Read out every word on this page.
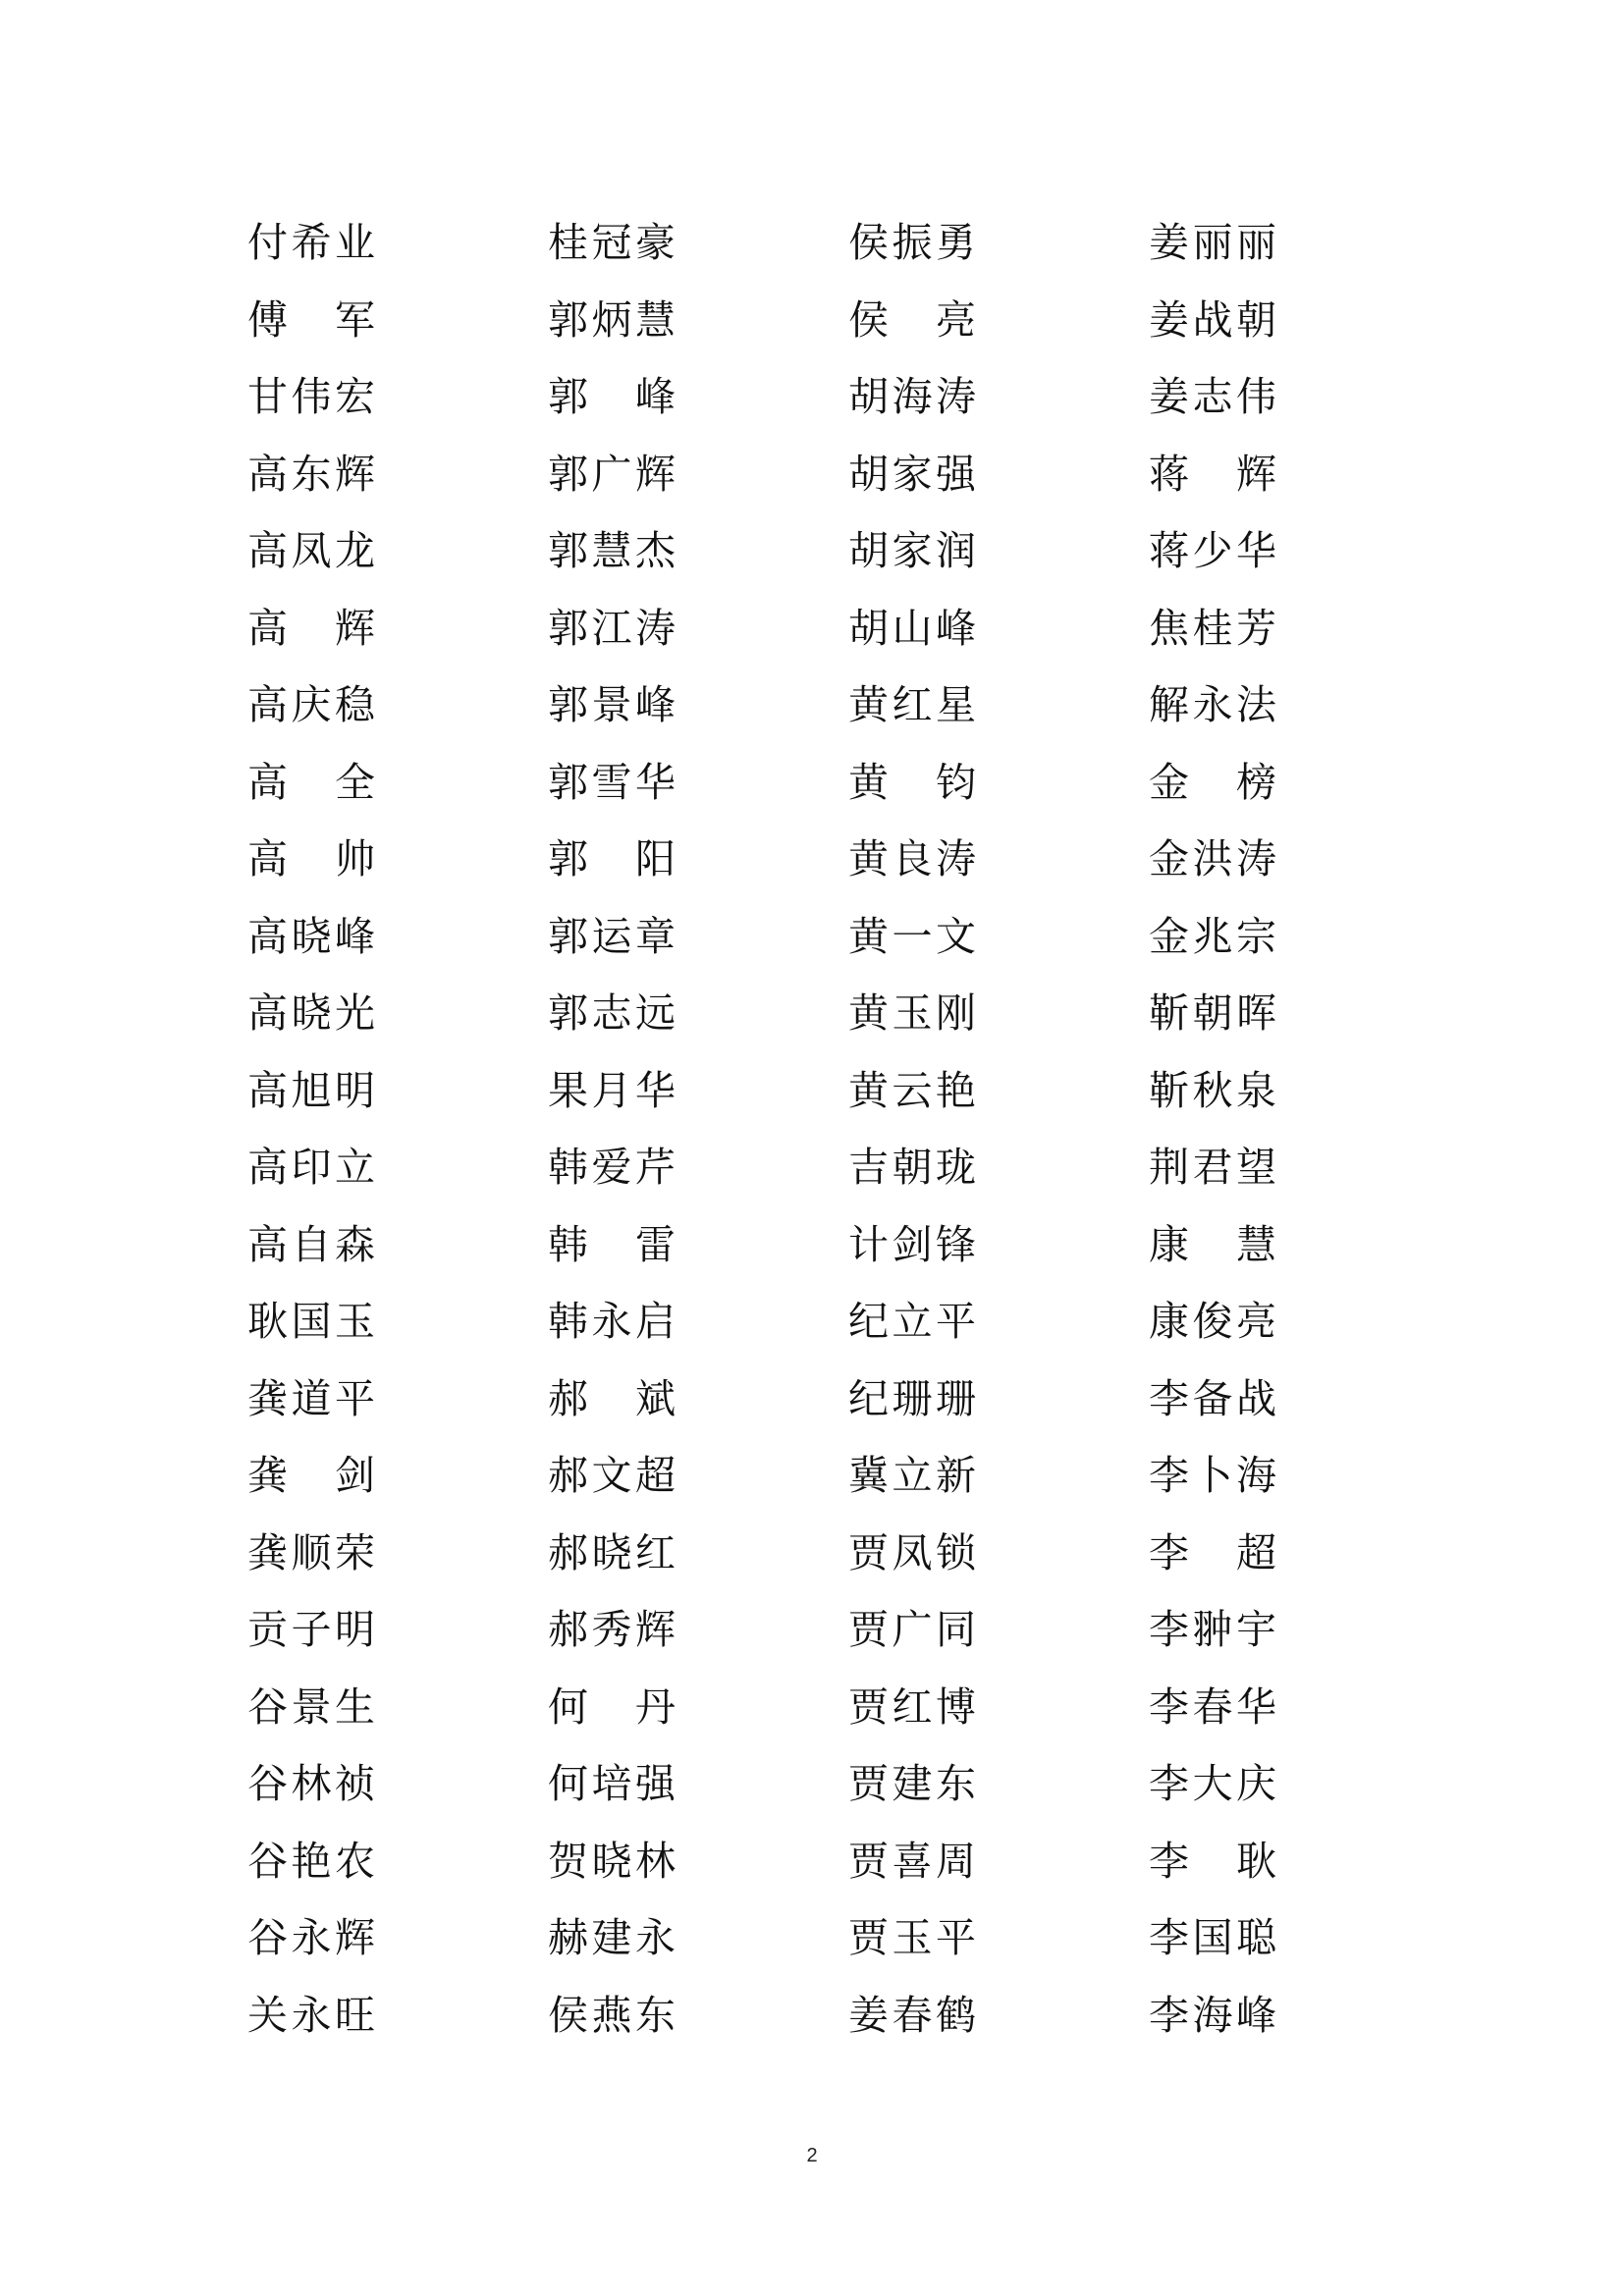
付 希 业	桂 冠 豪	侯 振 勇	姜 丽 丽
傅 军	郭 炳 慧	侯 亮	姜 战 朝
甘 伟 宏	郭 峰	胡 海 涛	姜 志 伟
高 东 辉	郭 广 辉	胡 家 强	蒋 辉
高 凤 龙	郭 慧 杰	胡 家 润	蒋 少 华
高 辉	郭 江 涛	胡 山 峰	焦 桂 芳
高 庆 稳	郭 景 峰	黄 红 星	解 永 法
高 全	郭 雪 华	黄 钧	金 榜
高 帅	郭 阳	黄 良 涛	金 洪 涛
高 晓 峰	郭 运 章	黄 一 文	金 兆 宗
高 晓 光	郭 志 远	黄 玉 刚	靳 朝 晖
高 旭 明	果 月 华	黄 云 艳	靳 秋 泉
高 印 立	韩 爱 芹	吉 朝 珑	荆 君 望
高 自 森	韩 雷	计 剑 锋	康 慧
耿 国 玉	韩 永 启	纪 立 平	康 俊 亮
龚 道 平	郝 斌	纪 珊 珊	李 备 战
龚 剑	郝 文 超	冀 立 新	李 卜 海
龚 顺 荣	郝 晓 红	贾 凤 锁	李 超
贡 子 明	郝 秀 辉	贾 广 同	李 翀 宇
谷 景 生	何 丹	贾 红 博	李 春 华
谷 林 祯	何 培 强	贾 建 东	李 大 庆
谷 艳 农	贺 晓 林	贾 喜 周	李 耿
谷 永 辉	赫 建 永	贾 玉 平	李 国 聪
关 永 旺	侯 燕 东	姜 春 鹤	李 海 峰
2
